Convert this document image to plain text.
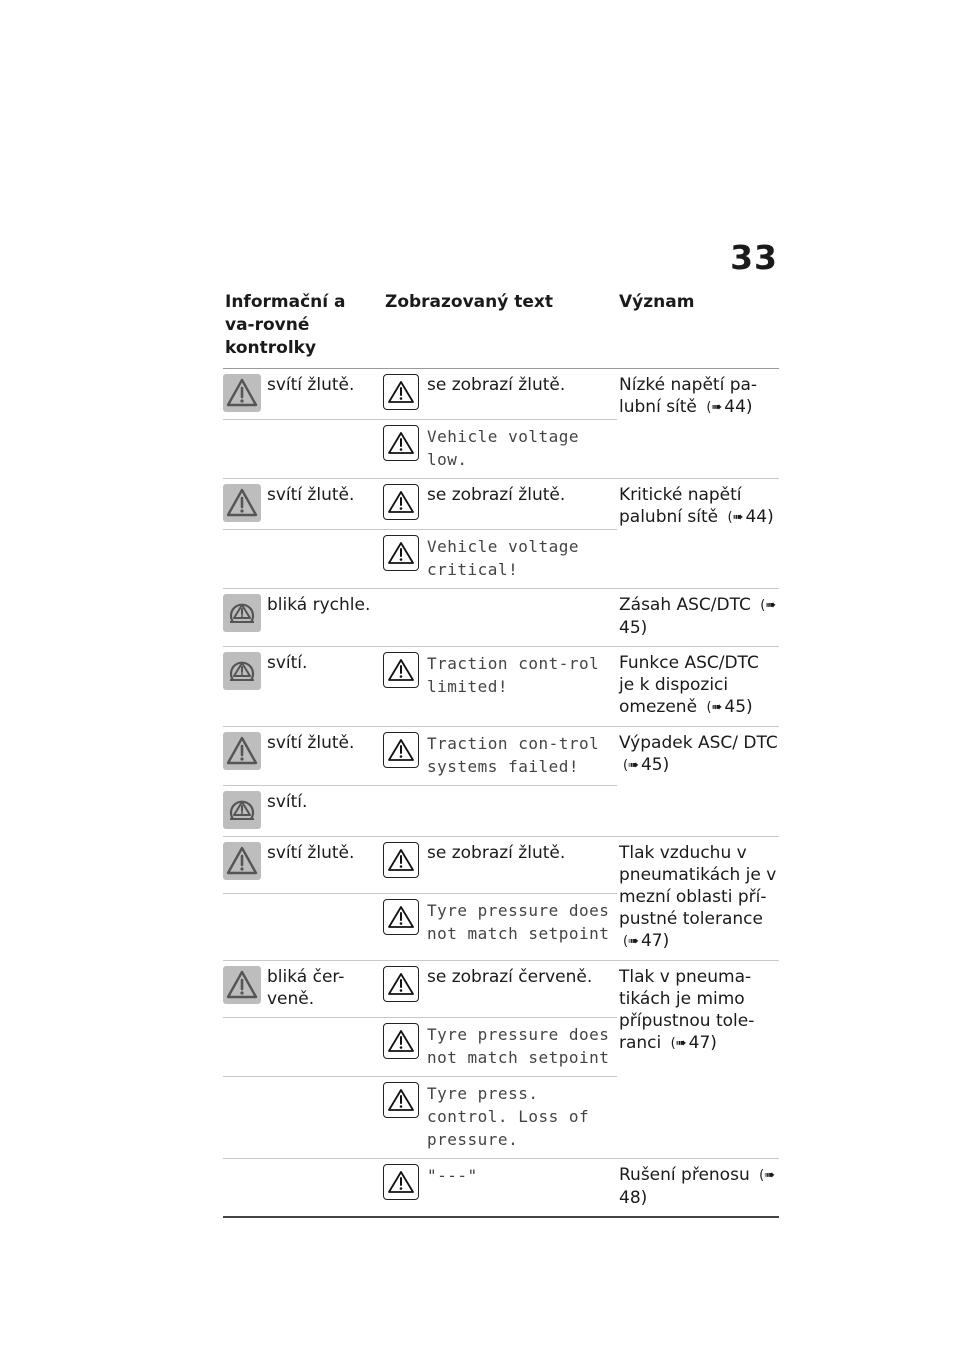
33
Informační a va-rovné kontrolky	Zobrazovaný text	Význam

svítí žlutě.	se zobrazí žlutě.	Nízké napětí pa-lubní sítě (➠ 44)

	Vehicle voltage low.	

svítí žlutě.	se zobrazí žlutě.	Kritické napětí palubní sítě (➠ 44)

	Vehicle voltage critical!	

bliká rychle.		Zásah ASC/DTC (➠45)

svítí.	Traction cont-rol limited!	Funkce ASC/DTC je k dispozici omezeně (➠ 45)

svítí žlutě.	Traction con-trol systems failed!	Výpadek ASC/ DTC (➠ 45)

svítí.		

svítí žlutě.	se zobrazí žlutě.	Tlak vzduchu v pneumatikách je v mezní oblasti pří-pustné tolerance (➠ 47)

	Tyre pressure does not match setpoint	

bliká čer-veně.	se zobrazí červeně.	Tlak v pneuma-tikách je mimo přípustnou tole-ranci (➠ 47)

	Tyre pressure does not match setpoint	

	Tyre press. control. Loss of pressure.	

	"---"	Rušení přenosu (➠48)
